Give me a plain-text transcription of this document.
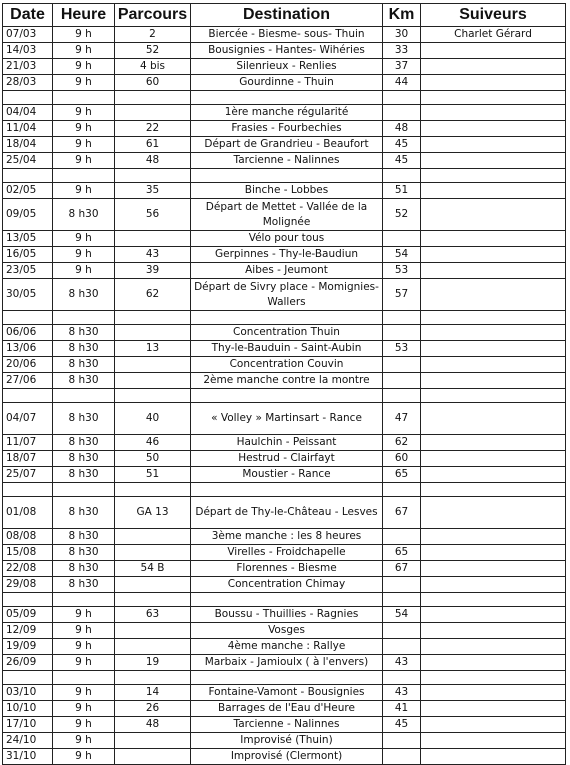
Date	Heure	Parcours	Destination	Km	Suiveurs
07/03	9 h	2	Biercée - Biesme- sous- Thuin	30	Charlet Gérard
14/03	9 h	52	Bousignies - Hantes- Wihéries	33	
21/03	9 h	4 bis	Silenrieux - Renlies	37	
28/03	9 h	60	Gourdinne - Thuin	44	

04/04	9 h		1ère manche régularité		
11/04	9 h	22	Frasies - Fourbechies	48	
18/04	9 h	61	Départ de Grandrieu - Beaufort	45	
25/04	9 h	48	Tarcienne - Nalinnes	45	

02/05	9 h	35	Binche - Lobbes	51	
09/05	8 h30	56	Départ de Mettet - Vallée de la Molignée	52	
13/05	9 h		Vélo pour tous		
16/05	9 h	43	Gerpinnes - Thy-le-Baudiun	54	
23/05	9 h	39	Aibes - Jeumont	53	
30/05	8 h30	62	Départ de Sivry place - Momignies- Wallers	57	

06/06	8 h30		Concentration Thuin		
13/06	8 h30	13	Thy-le-Bauduin - Saint-Aubin	53	
20/06	8 h30		Concentration Couvin		
27/06	8 h30		2ème manche contre la montre		

04/07	8 h30	40	« Volley » Martinsart - Rance	47	
11/07	8 h30	46	Haulchin - Peissant	62	
18/07	8 h30	50	Hestrud - Clairfayt	60	
25/07	8 h30	51	Moustier - Rance	65	

01/08	8 h30	GA 13	Départ de Thy-le-Château - Lesves	67	
08/08	8 h30		3ème manche : les 8 heures		
15/08	8 h30		Virelles - Froidchapelle	65	
22/08	8 h30	54 B	Florennes - Biesme	67	
29/08	8 h30		Concentration Chimay		

05/09	9 h	63	Boussu - Thuillies - Ragnies	54	
12/09	9 h		Vosges		
19/09	9 h		4ème manche : Rallye		
26/09	9 h	19	Marbaix - Jamioulx ( à l'envers)	43	

03/10	9 h	14	Fontaine-Vamont - Bousignies	43	
10/10	9 h	26	Barrages de l'Eau d'Heure	41	
17/10	9 h	48	Tarcienne - Nalinnes	45	
24/10	9 h		Improvisé (Thuin)		
31/10	9 h		Improvisé (Clermont)		
